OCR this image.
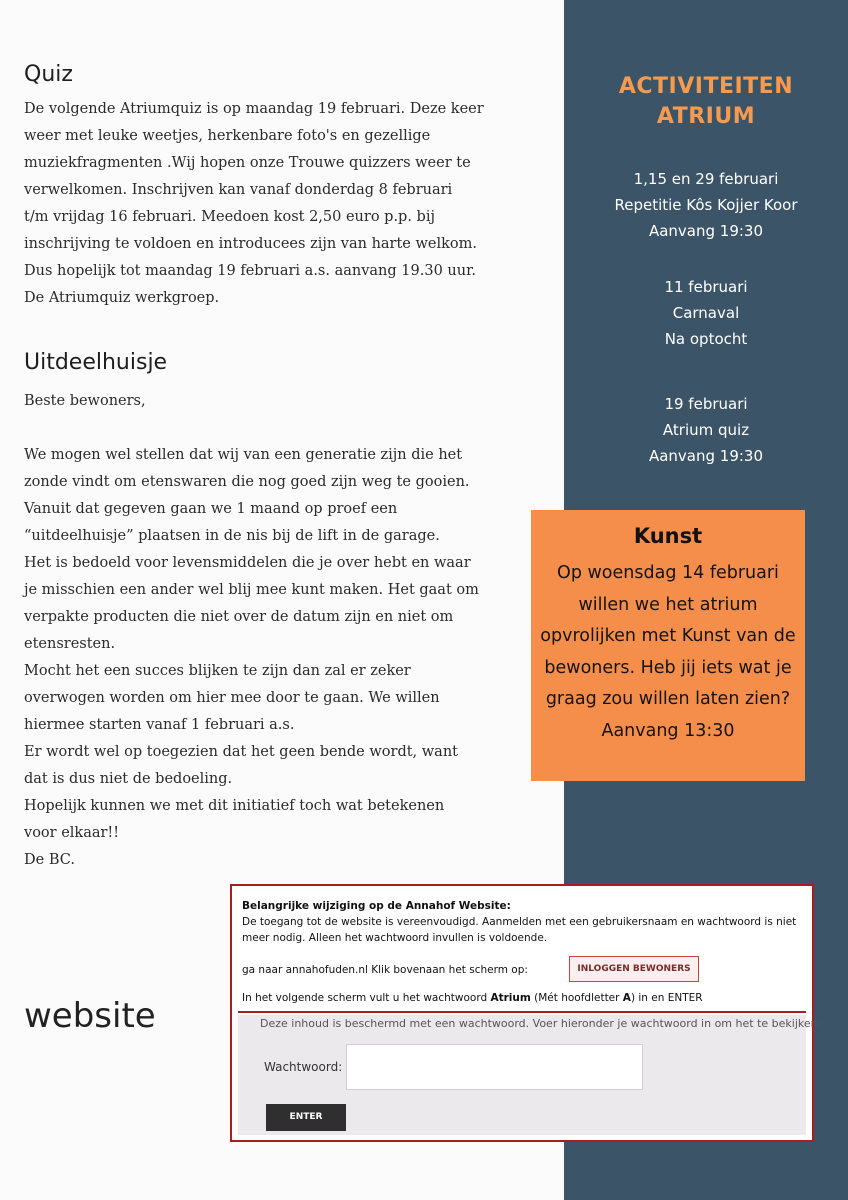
ACTIVITEITEN
ATRIUM
1,15 en 29 februari
Repetitie Kôs Kojjer Koor
Aanvang 19:30
11 februari
Carnaval
Na optocht
19 februari
Atrium quiz
Aanvang 19:30
Kunst
Op woensdag 14 februari
willen we het atrium
opvrolijken met Kunst van de
bewoners. Heb jij iets wat je
graag zou willen laten zien?
Aanvang 13:30
Quiz
De volgende Atriumquiz is op maandag 19 februari. Deze keer
weer met leuke weetjes, herkenbare foto's en gezellige
muziekfragmenten .Wij hopen onze Trouwe quizzers weer te
verwelkomen. Inschrijven kan vanaf donderdag 8 februari
t/m vrijdag 16 februari. Meedoen kost 2,50 euro p.p. bij
inschrijving te voldoen en introducees zijn van harte welkom.
Dus hopelijk tot maandag 19 februari a.s. aanvang 19.30 uur.
De Atriumquiz werkgroep.
Uitdeelhuisje
Beste bewoners,
We mogen wel stellen dat wij van een generatie zijn die het
zonde vindt om etenswaren die nog goed zijn weg te gooien.
Vanuit dat gegeven gaan we 1 maand op proef een
“uitdeelhuisje” plaatsen in de nis bij de lift in de garage.
Het is bedoeld voor levensmiddelen die je over hebt en waar
je misschien een ander wel blij mee kunt maken. Het gaat om
verpakte producten die niet over de datum zijn en niet om
etensresten.
Mocht het een succes blijken te zijn dan zal er zeker
overwogen worden om hier mee door te gaan. We willen
hiermee starten vanaf 1 februari a.s.
Er wordt wel op toegezien dat het geen bende wordt, want
dat is dus niet de bedoeling.
Hopelijk kunnen we met dit initiatief toch wat betekenen
voor elkaar!!
De BC.
website
Belangrijke wijziging op de Annahof Website:
De toegang tot de website is vereenvoudigd. Aanmelden met een gebruikersnaam en wachtwoord is niet
meer nodig. Alleen het wachtwoord invullen is voldoende.
ga naar annahofuden.nl Klik bovenaan het scherm op:	INLOGGEN BEWONERS
In het volgende scherm vult u het wachtwoord Atrium (Mét hoofdletter A) in en ENTER
Deze inhoud is beschermd met een wachtwoord. Voer hieronder je wachtwoord in om het te bekijken:
Wachtwoord:
ENTER
